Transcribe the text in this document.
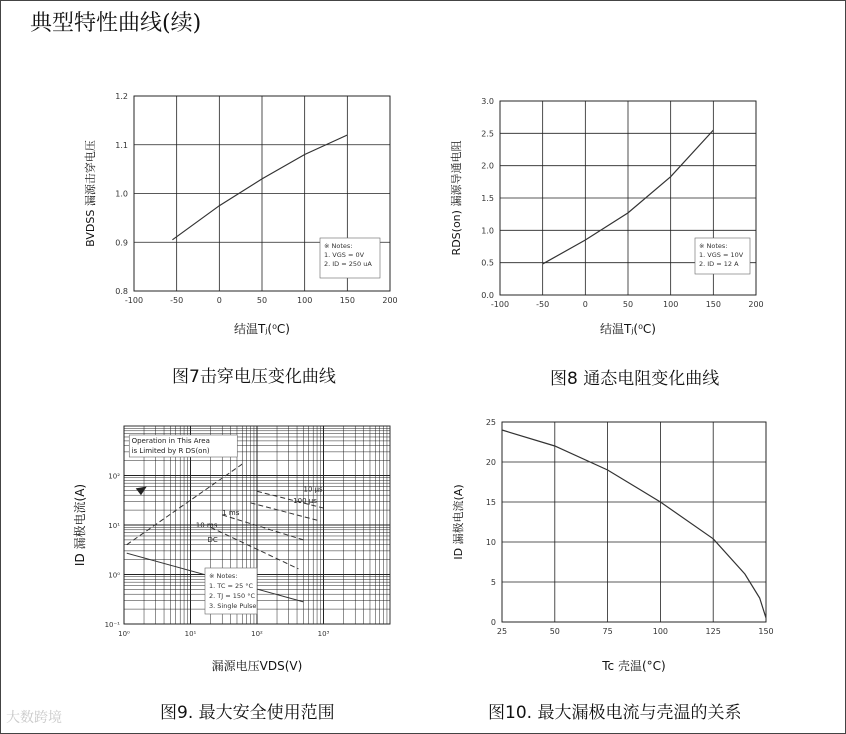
典型特性曲线(续)
-100	-50	0	50	100	150	200
0.8
0.9
1.0
1.1
1.2
结温Tⱼ(⁰C)
BVDSS 漏源击穿电压	※ Notes:
1. VGS = 0V
2. ID = 250 uA
图7击穿电压变化曲线
-100	-50	0	50	100	150	200
0.0
0.5
1.0
1.5
2.0
2.5
3.0
结温Tⱼ(⁰C)
RDS(on) 漏源导通电阻	※ Notes:
1. VGS = 10V
2. ID = 12 A
图8 通态电阻变化曲线
10⁰	10¹	10²	10³
10⁻¹
10⁰
10¹
10²
Operation in This Area
is Limited by R DS(on)
10 μs
100 μs
1 ms
10 ms
DC
※ Notes:
1. TC = 25 °C
2. TJ = 150 °C
3. Single Pulse
漏源电压VDS(V)
ID 漏极电流(A)
图9. 最大安全使用范围
25	50	75	100	125	150
0
5
10
15
20
25
Tc 壳温(°C)
ID 漏极电流(A)
图10. 最大漏极电流与壳温的关系
大数跨境
